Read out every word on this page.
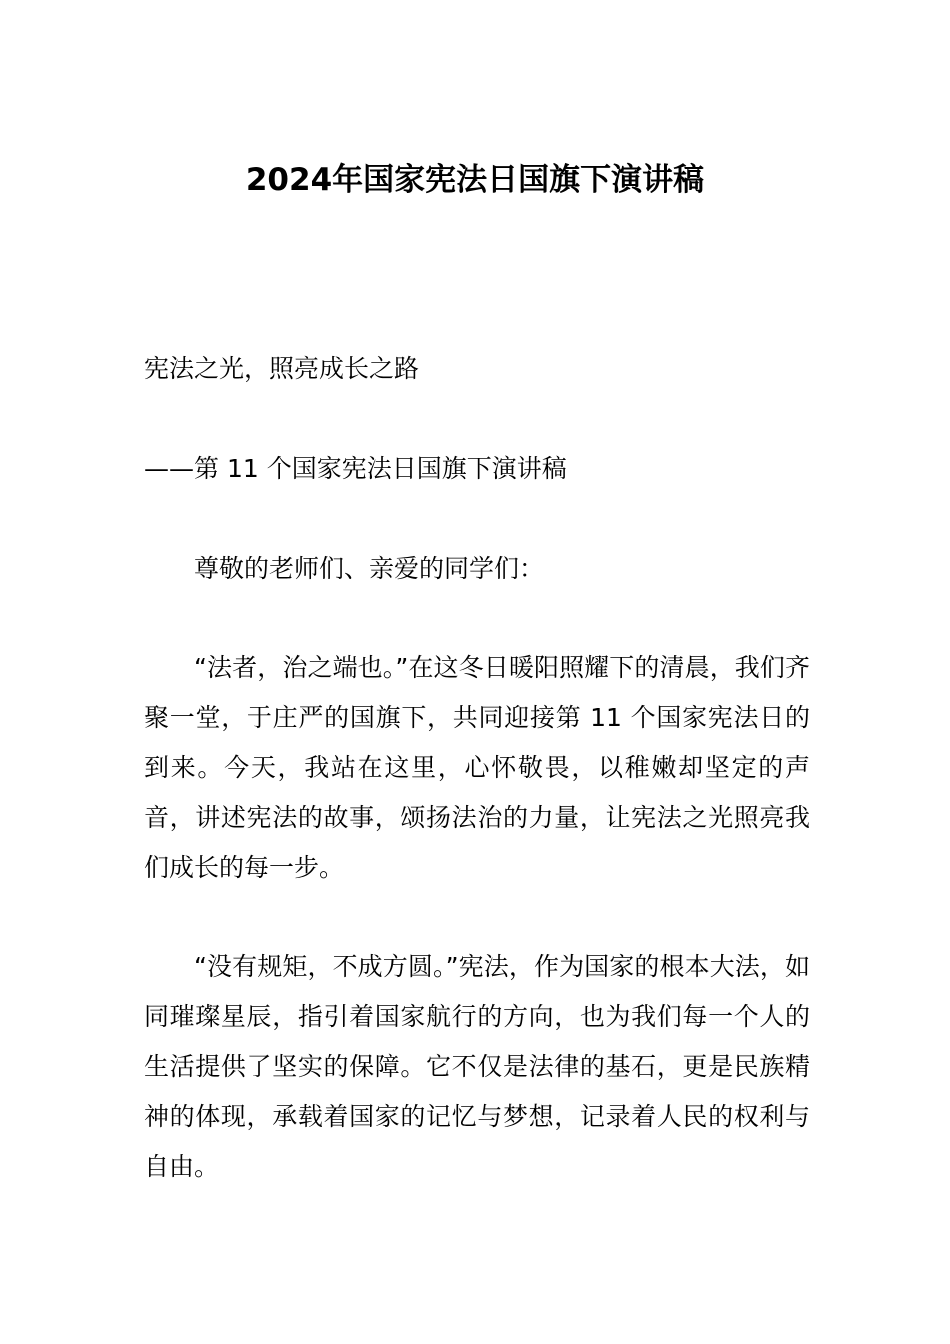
2024年国家宪法日国旗下演讲稿
宪法之光，照亮成长之路
——第 11 个国家宪法日国旗下演讲稿
尊敬的老师们、亲爱的同学们：
“法者，治之端也。”在这冬日暖阳照耀下的清晨，我们齐聚一堂，于庄严的国旗下，共同迎接第 11 个国家宪法日的到来。今天，我站在这里，心怀敬畏，以稚嫩却坚定的声音，讲述宪法的故事，颂扬法治的力量，让宪法之光照亮我们成长的每一步。
“没有规矩，不成方圆。”宪法，作为国家的根本大法，如同璀璨星辰，指引着国家航行的方向，也为我们每一个人的生活提供了坚实的保障。它不仅是法律的基石，更是民族精神的体现，承载着国家的记忆与梦想，记录着人民的权利与自由。
